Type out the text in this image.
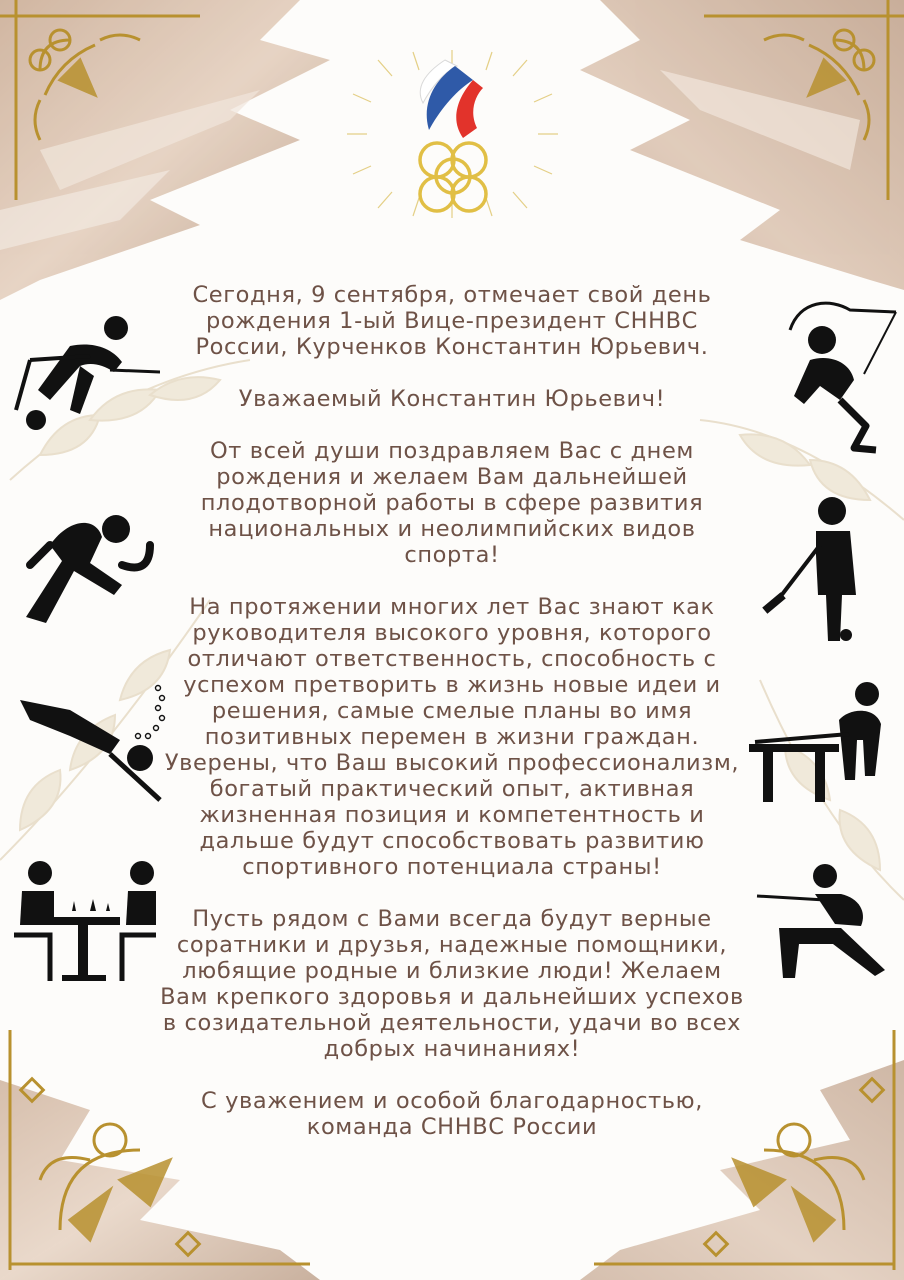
Сегодня, 9 сентября, отмечает свой день рождения 1-ый Вице-президент СННВС России, Курченков Константин Юрьевич.

Уважаемый Константин Юрьевич!

От всей души поздравляем Вас с днем рождения и желаем Вам дальнейшей плодотворной работы в сфере развития национальных и неолимпийских видов спорта!

На протяжении многих лет Вас знают как руководителя высокого уровня, которого отличают ответственность, способность с успехом претворить в жизнь новые идеи и решения, самые смелые планы во имя позитивных перемен в жизни граждан. Уверены, что Ваш высокий профессионализм, богатый практический опыт, активная жизненная позиция и компетентность и дальше будут способствовать развитию спортивного потенциала страны!

Пусть рядом с Вами всегда будут верные соратники и друзья, надежные помощники, любящие родные и близкие люди! Желаем Вам крепкого здоровья и дальнейших успехов в созидательной деятельности, удачи во всех добрых начинаниях!

С уважением и особой благодарностью,
команда СННВС России
